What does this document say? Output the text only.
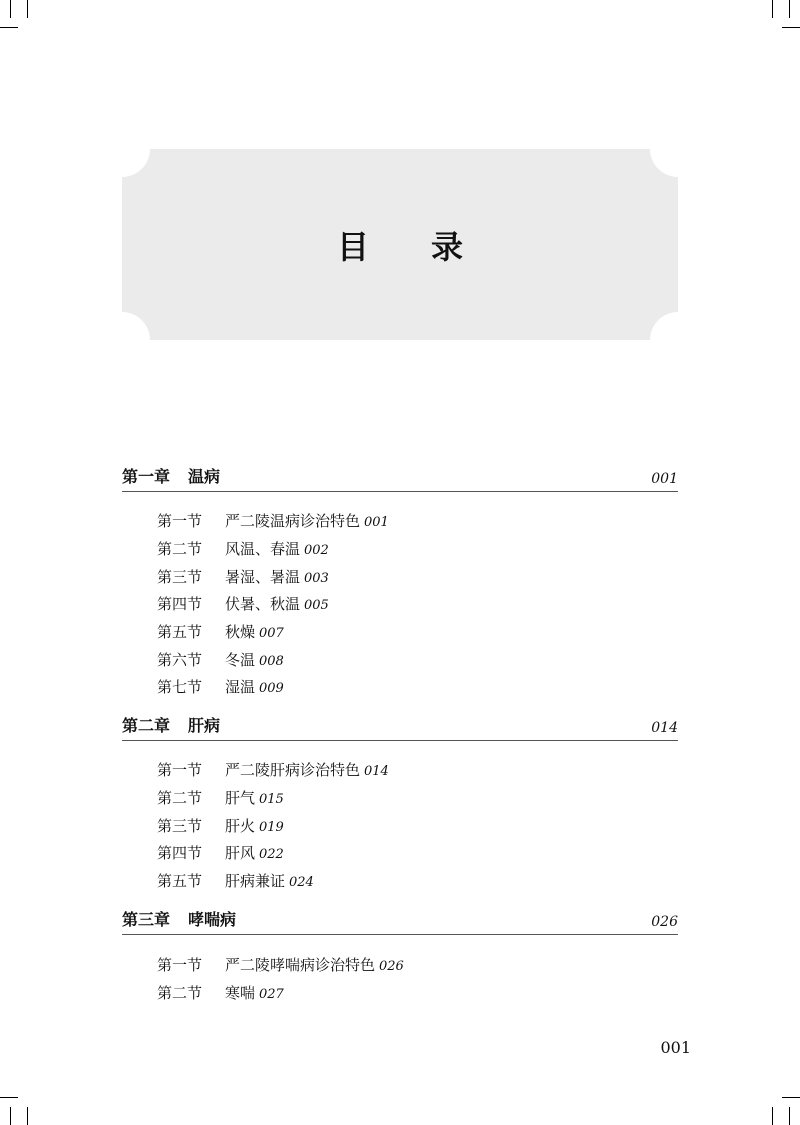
目 录
第一章 温病	001
第一节 严二陵温病诊治特色 001
第二节 风温、春温 002
第三节 暑湿、暑温 003
第四节 伏暑、秋温 005
第五节 秋燥 007
第六节 冬温 008
第七节 湿温 009
第二章 肝病	014
第一节 严二陵肝病诊治特色 014
第二节 肝气 015
第三节 肝火 019
第四节 肝风 022
第五节 肝病兼证 024
第三章 哮喘病	026
第一节 严二陵哮喘病诊治特色 026
第二节 寒喘 027
001
